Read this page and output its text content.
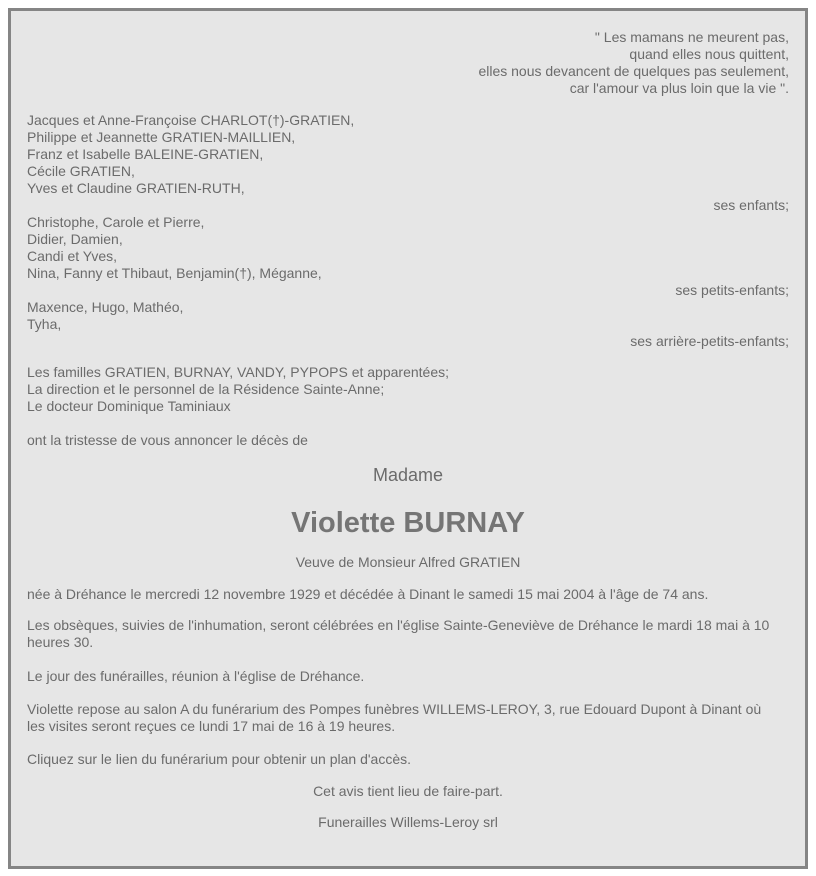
" Les mamans ne meurent pas,
quand elles nous quittent,
elles nous devancent de quelques pas seulement,
car l'amour va plus loin que la vie ".
Jacques et Anne-Françoise CHARLOT(†)-GRATIEN,
Philippe et Jeannette GRATIEN-MAILLIEN,
Franz et Isabelle BALEINE-GRATIEN,
Cécile GRATIEN,
Yves et Claudine GRATIEN-RUTH,
ses enfants;
Christophe, Carole et Pierre,
Didier, Damien,
Candi et Yves,
Nina, Fanny et Thibaut, Benjamin(†), Méganne,
ses petits-enfants;
Maxence, Hugo, Mathéo,
Tyha,
ses arrière-petits-enfants;
Les familles GRATIEN, BURNAY, VANDY, PYPOPS et apparentées;
La direction et le personnel de la Résidence Sainte-Anne;
Le docteur Dominique Taminiaux
ont la tristesse de vous annoncer le décès de
Madame
Violette BURNAY
Veuve de Monsieur Alfred GRATIEN
née à Dréhance le mercredi 12 novembre 1929 et décédée à Dinant le samedi 15 mai 2004 à l'âge de 74 ans.
Les obsèques, suivies de l'inhumation, seront célébrées en l'église Sainte-Geneviève de Dréhance le mardi 18 mai à 10 heures 30.
Le jour des funérailles, réunion à l'église de Dréhance.
Violette repose au salon A du funérarium des Pompes funèbres WILLEMS-LEROY, 3, rue Edouard Dupont à Dinant où les visites seront reçues ce lundi 17 mai de 16 à 19 heures.
Cliquez sur le lien du funérarium pour obtenir un plan d'accès.
Cet avis tient lieu de faire-part.
Funerailles Willems-Leroy srl
